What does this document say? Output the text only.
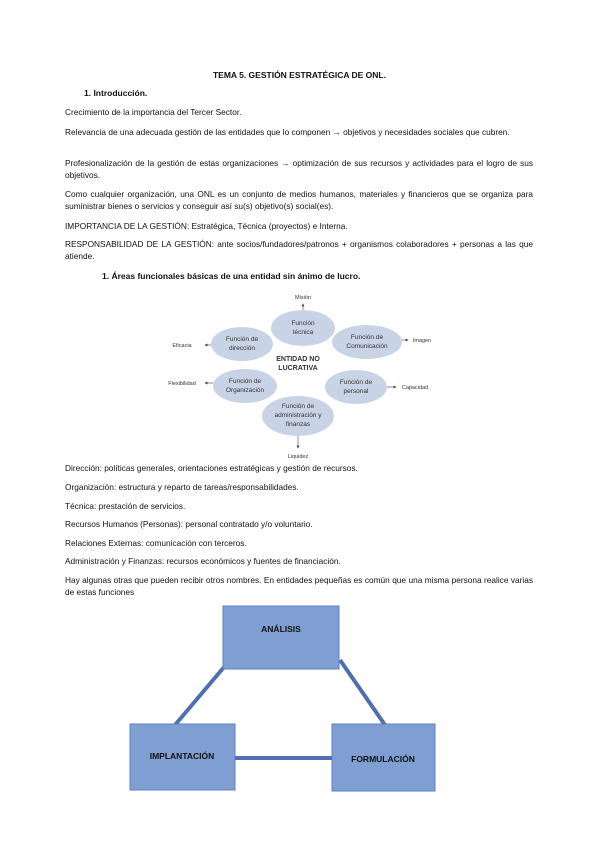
TEMA 5. GESTIÓN ESTRATÉGICA DE ONL.
1. Introducción.
Crecimiento de la importancia del Tercer Sector.
Relevancia de una adecuada gestión de las entidades que lo componen → objetivos y necesidades sociales que cubren.
Profesionalización de la gestión de estas organizaciones → optimización de sus recursos y actividades para el logro de sus objetivos.
Como cualquier organización, una ONL es un conjunto de medios humanos, materiales y financieros que se organiza para suministrar bienes o servicios y conseguir así su(s) objetivo(s) social(es).
IMPORTANCIA DE LA GESTIÓN: Estratégica, Técnica (proyectos) e Interna.
RESPONSABILIDAD DE LA GESTIÓN: ante socios/fundadores/patronos + organismos colaboradores + personas a las que atiende.
1. Áreas funcionales básicas de una entidad sin ánimo de lucro.
ENTIDAD NO
LUCRATIVA
Función
técnica
Función de
dirección
Función de
Comunicación
Función de
Organización
Función de
personal
Función de
administración y
finanzas
Misión
Eficacia
Imagen
Flexibilidad
Capacidad
Liquidez
Dirección: políticas generales, orientaciones estratégicas y gestión de recursos.
Organización: estructura y reparto de tareas/responsabilidades.
Técnica: prestación de servicios.
Recursos Humanos (Personas): personal contratado y/o voluntario.
Relaciones Externas: comunicación con terceros.
Administración y Finanzas: recursos económicos y fuentes de financiación.
Hay algunas otras que pueden recibir otros nombres. En entidades pequeñas es común que una misma persona realice varias de estas funciones
ANÁLISIS
IMPLANTACIÓN	FORMULACIÓN
